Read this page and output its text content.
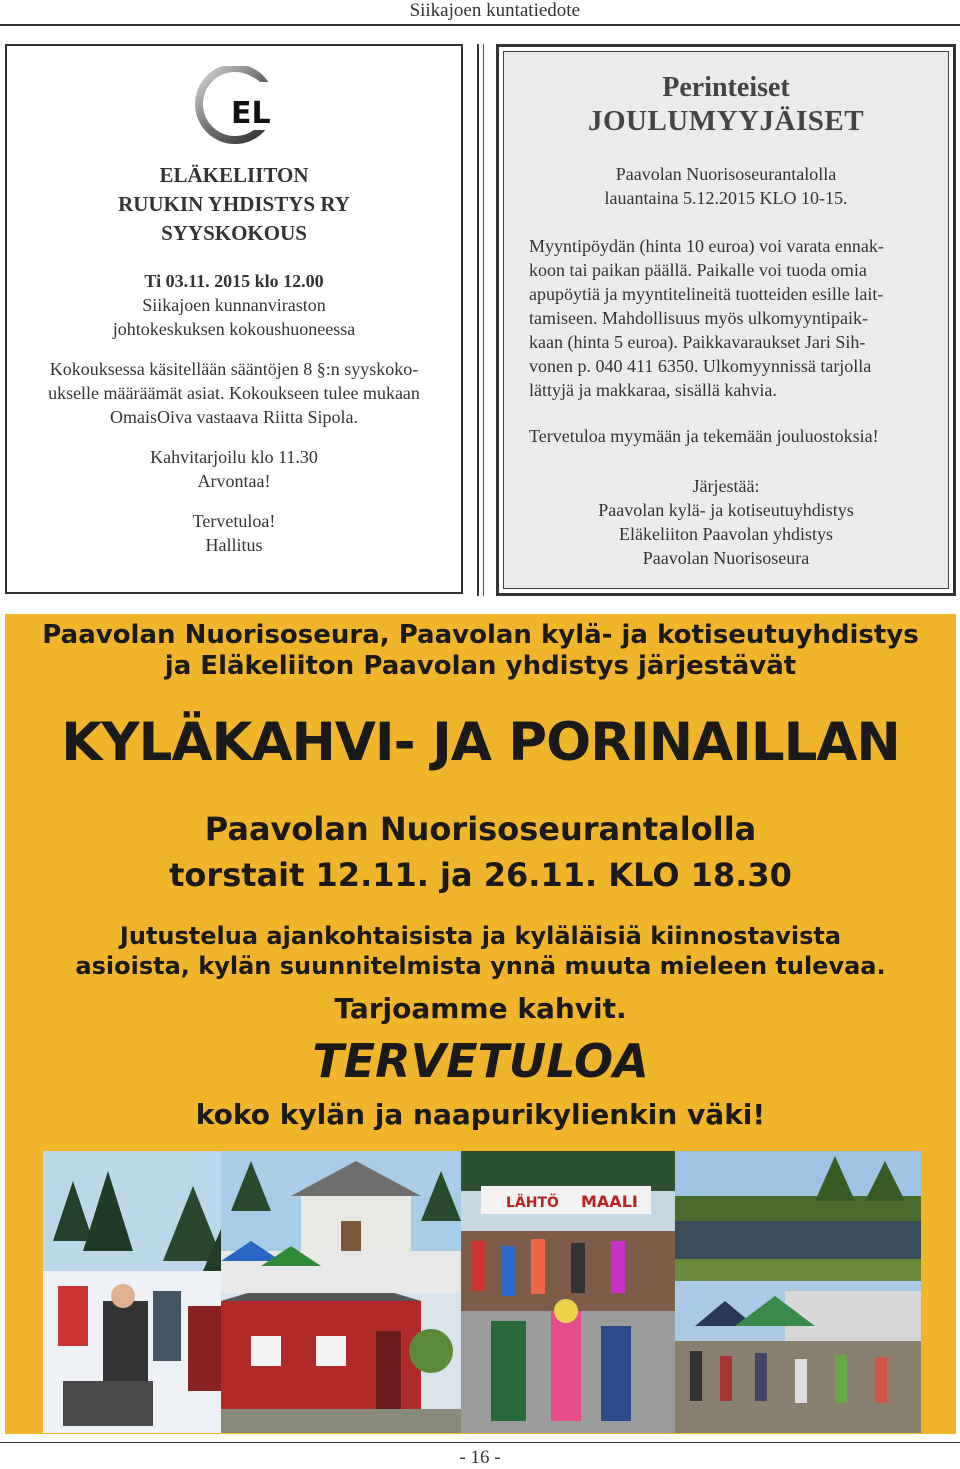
Siikajoen kuntatiedote
EL
ELÄKELIITON
RUUKIN YHDISTYS RY
SYYSKOKOUS
Ti 03.11. 2015 klo 12.00
Siikajoen kunnanviraston
johtokeskuksen kokoushuoneessa
Kokouksessa käsitellään sääntöjen 8 §:n syyskoko-
ukselle määräämät asiat. Kokoukseen tulee mukaan
OmaisOiva vastaava Riitta Sipola.
Kahvitarjoilu klo 11.30
Arvontaa!
Tervetuloa!
Hallitus
Perinteiset
JOULUMYYJÄISET
Paavolan Nuorisoseurantalolla
lauantaina 5.12.2015 KLO 10-15.
Myyntipöydän (hinta 10 euroa) voi varata ennak-
koon tai paikan päällä. Paikalle voi tuoda omia
apupöytiä ja myyntitelineitä tuotteiden esille lait-
tamiseen. Mahdollisuus myös ulkomyyntipaik-
kaan (hinta 5 euroa). Paikkavaraukset Jari Sih-
vonen p. 040 411 6350. Ulkomyynnissä tarjolla
lättyjä ja makkaraa, sisällä kahvia.
Tervetuloa myymään ja tekemään jouluostoksia!
Järjestää:
Paavolan kylä- ja kotiseutuyhdistys
Eläkeliiton Paavolan yhdistys
Paavolan Nuorisoseura
Paavolan Nuorisoseura, Paavolan kylä- ja kotiseutuyhdistys
ja Eläkeliiton Paavolan yhdistys järjestävät
KYLÄKAHVI- JA PORINAILLAN
Paavolan Nuorisoseurantalolla
torstait 12.11. ja 26.11. KLO 18.30
Jutustelua ajankohtaisista ja kyläläisiä kiinnostavista
asioista, kylän suunnitelmista ynnä muuta mieleen tulevaa.
Tarjoamme kahvit.
TERVETULOA
koko kylän ja naapurikylienkin väki!
LÄHTÖ MAALI
- 16 -
